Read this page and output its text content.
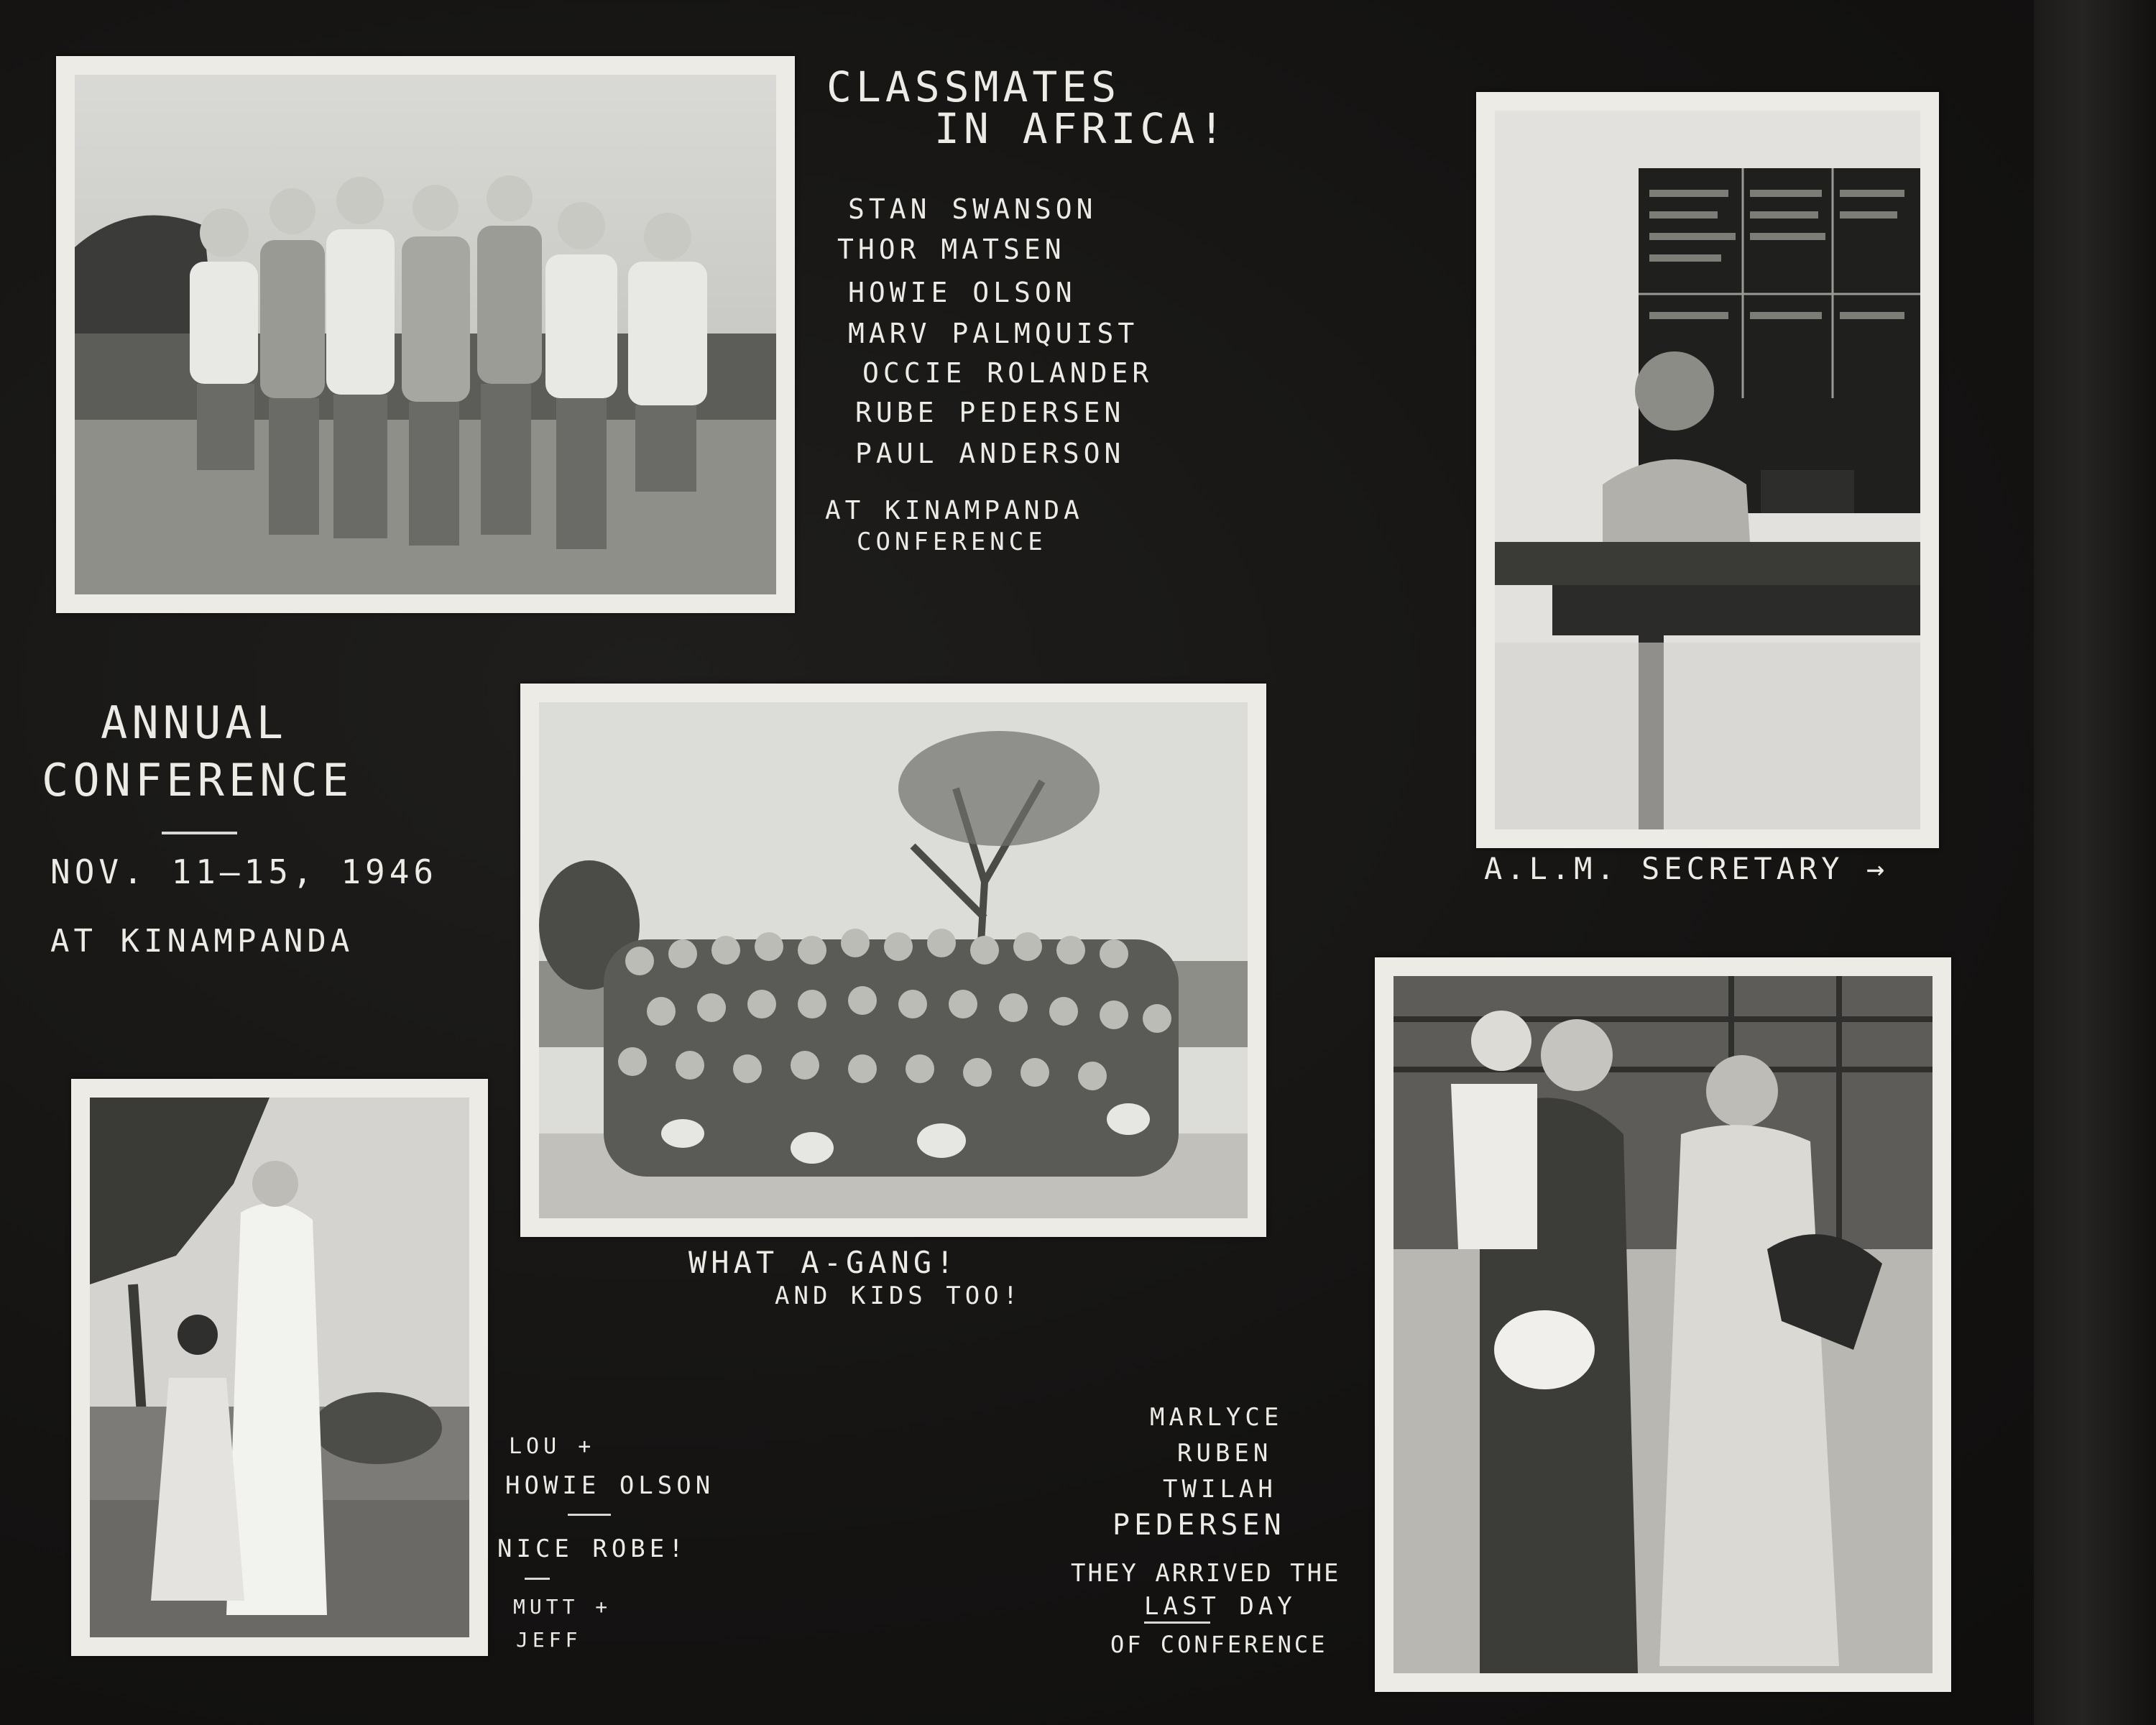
CLASSMATES
IN AFRICA!
STAN SWANSON
THOR MATSEN
HOWIE OLSON
MARV PALMQUIST
OCCIE ROLANDER
RUBE PEDERSEN
PAUL ANDERSON
AT KINAMPANDA
CONFERENCE
ANNUAL
CONFERENCE
NOV. 11–15, 1946
AT KINAMPANDA
A.L.M. SECRETARY →
WHAT A-GANG!
AND KIDS TOO!
LOU +
HOWIE OLSON
NICE ROBE!
MUTT +
JEFF
MARLYCE
RUBEN
TWILAH
PEDERSEN
THEY ARRIVED THE
LAST DAY
OF CONFERENCE
